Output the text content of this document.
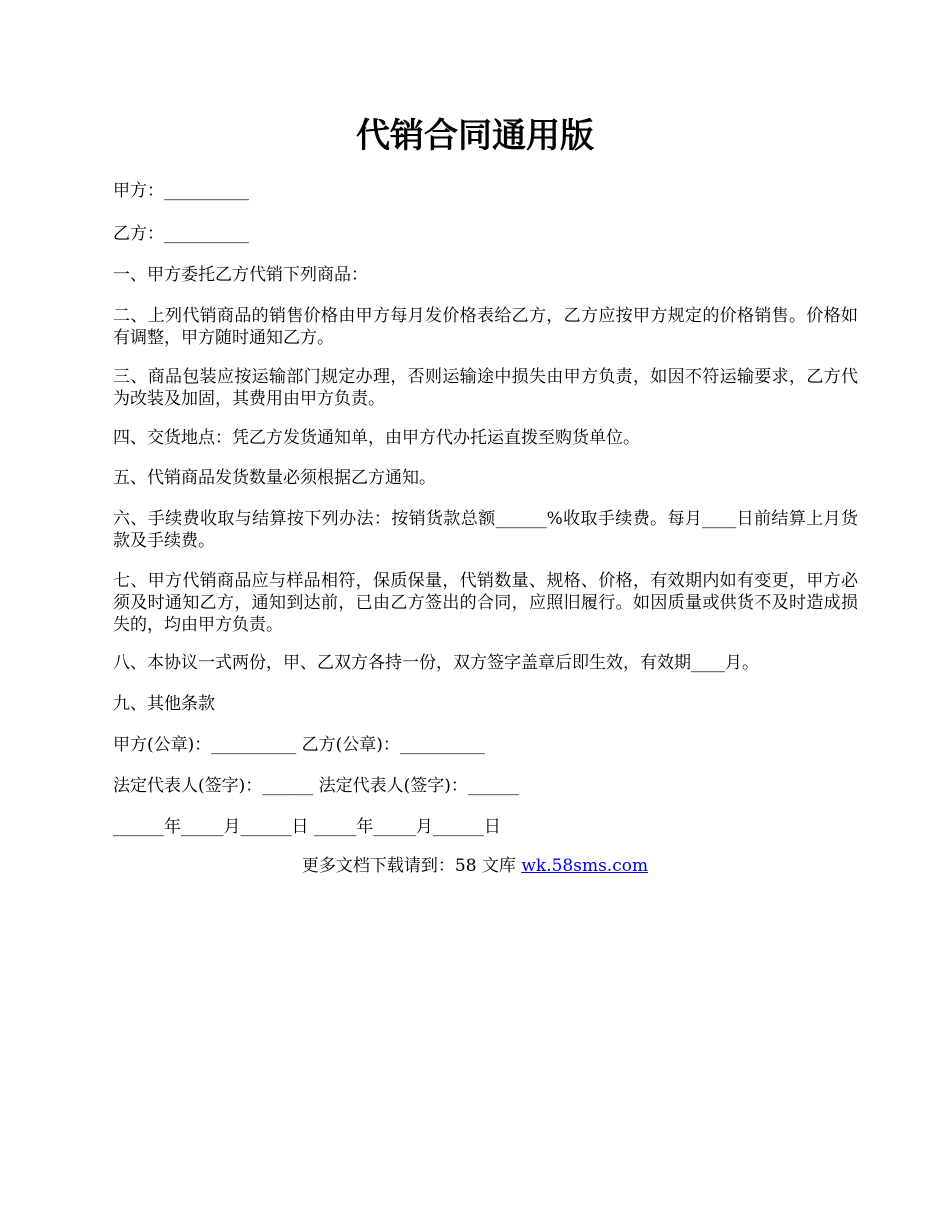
代销合同通用版

甲方：__________

乙方：__________

一、甲方委托乙方代销下列商品：

二、上列代销商品的销售价格由甲方每月发价格表给乙方，乙方应按甲方规定的价格销售。价格如有调整，甲方随时通知乙方。

三、商品包装应按运输部门规定办理，否则运输途中损失由甲方负责，如因不符运输要求，乙方代为改装及加固，其费用由甲方负责。

四、交货地点：凭乙方发货通知单，由甲方代办托运直拨至购货单位。

五、代销商品发货数量必须根据乙方通知。

六、手续费收取与结算按下列办法：按销货款总额______%收取手续费。每月____日前结算上月货款及手续费。

七、甲方代销商品应与样品相符，保质保量，代销数量、规格、价格，有效期内如有变更，甲方必须及时通知乙方，通知到达前，已由乙方签出的合同，应照旧履行。如因质量或供货不及时造成损失的，均由甲方负责。

八、本协议一式两份，甲、乙双方各持一份，双方签字盖章后即生效，有效期____月。

九、其他条款

甲方(公章)：__________ 乙方(公章)：__________

法定代表人(签字)：______ 法定代表人(签字)：______

______年_____月______日 _____年_____月______日

更多文档下载请到：58 文库 wk.58sms.com
